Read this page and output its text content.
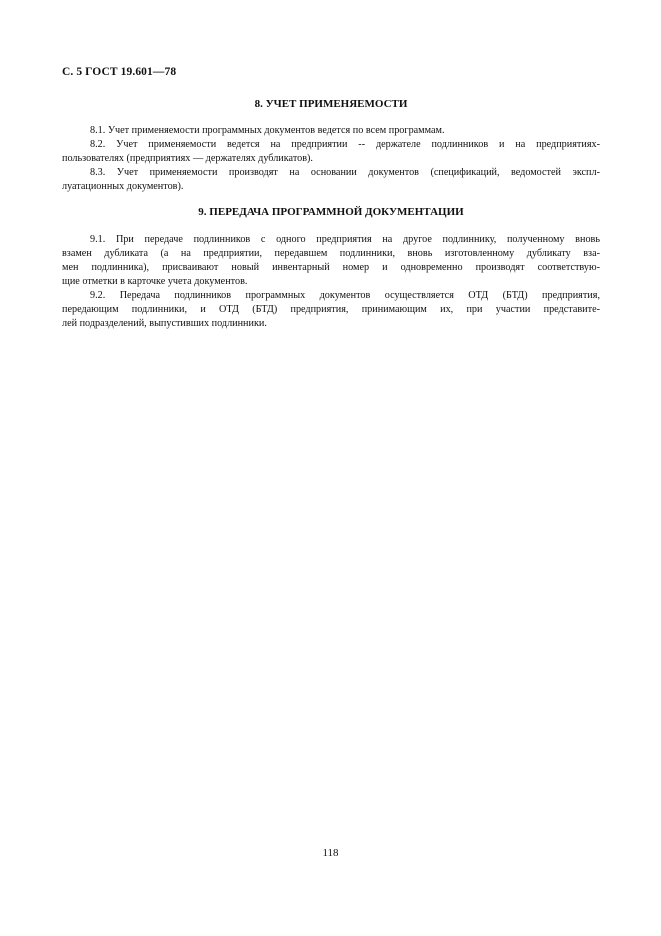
С. 5 ГОСТ 19.601—78
8. УЧЕТ ПРИМЕНЯЕМОСТИ
8.1. Учет применяемости программных документов ведется по всем программам.
8.2. Учет применяемости ведется на предприятии -- держателе подлинников и на предприятиях-
пользователях (предприятиях — держателях дубликатов).
8.3. Учет применяемости производят на основании документов (спецификаций, ведомостей экспл-
луатационных документов).
9. ПЕРЕДАЧА ПРОГРАММНОЙ ДОКУМЕНТАЦИИ
9.1. При передаче подлинников с одного предприятия на другое подлиннику, полученному вновь
взамен дубликата (а на предприятии, передавшем подлинники, вновь изготовленному дубликату вза-
мен подлинника), присваивают новый инвентарный номер и одновременно производят соответствую-
щие отметки в карточке учета документов.
9.2. Передача подлинников программных документов осуществляется ОТД (БТД) предприятия,
передающим подлинники, и ОТД (БТД) предприятия, принимающим их, при участии представите-
лей подразделений, выпустивших подлинники.
118
